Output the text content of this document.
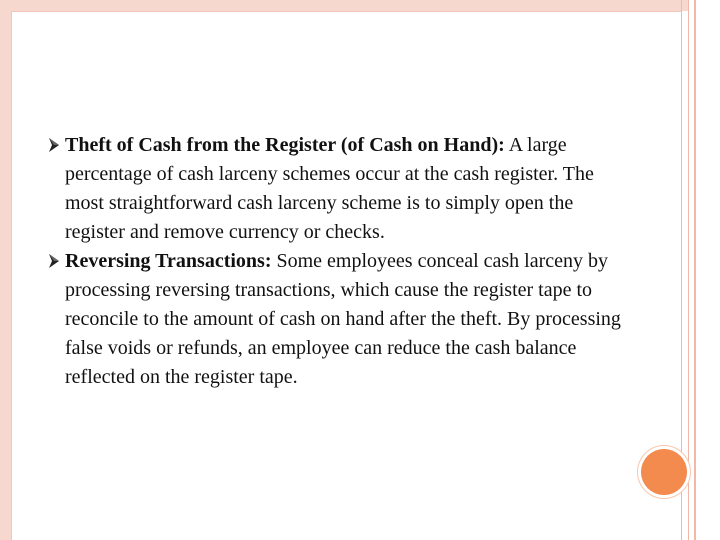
Theft of Cash from the Register (of Cash on Hand): A large percentage of cash larceny schemes occur at the cash register. The most straightforward cash larceny scheme is to simply open the register and remove currency or checks.
Reversing Transactions: Some employees conceal cash larceny by processing reversing transactions, which cause the register tape to reconcile to the amount of cash on hand after the theft. By processing false voids or refunds, an employee can reduce the cash balance reflected on the register tape.
